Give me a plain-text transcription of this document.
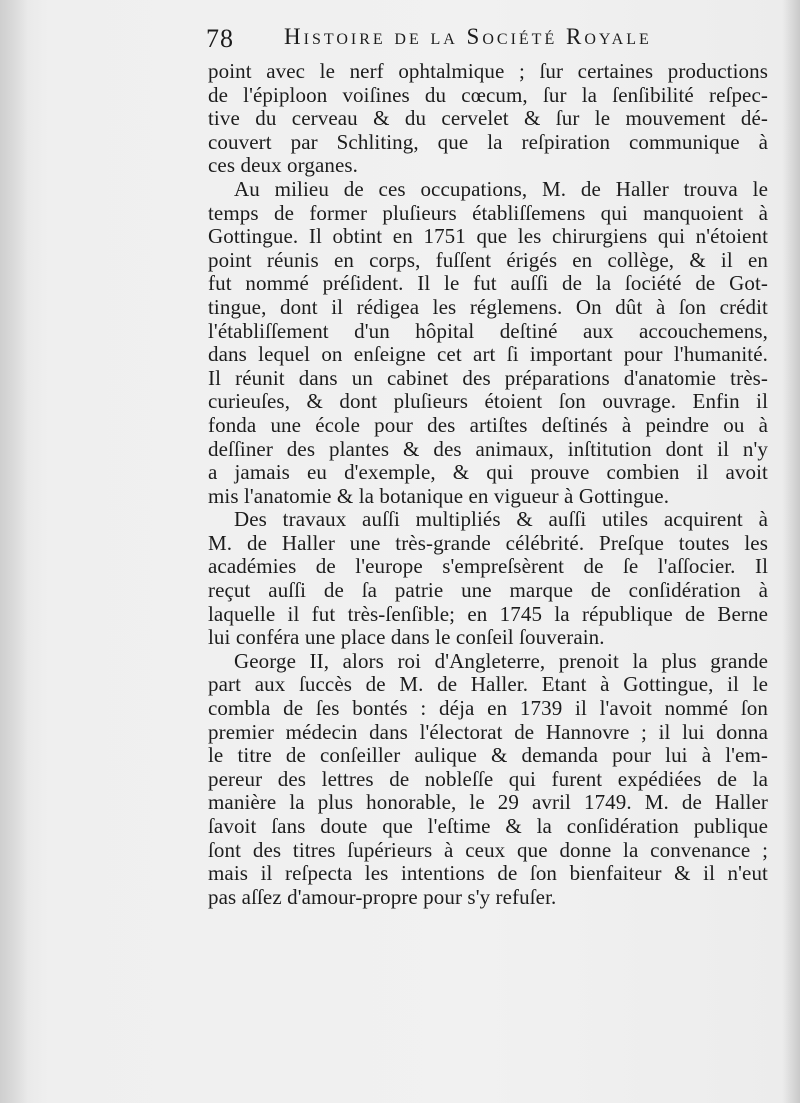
78 Histoire de la Société Royale
point avec le nerf ophtalmique ; ſur certaines productions
de l'épiploon voiſines du cœcum, ſur la ſenſibilité reſpec-
tive du cerveau & du cervelet & ſur le mouvement dé-
couvert par Schliting, que la reſpiration communique à
ces deux organes.
Au milieu de ces occupations, M. de Haller trouva le
temps de former pluſieurs établiſſemens qui manquoient à
Gottingue. Il obtint en 1751 que les chirurgiens qui n'étoient
point réunis en corps, fuſſent érigés en collège, & il en
fut nommé préſident. Il le fut auſſi de la ſociété de Got-
tingue, dont il rédigea les réglemens. On dût à ſon crédit
l'établiſſement d'un hôpital deſtiné aux accouchemens,
dans lequel on enſeigne cet art ſi important pour l'humanité.
Il réunit dans un cabinet des préparations d'anatomie très-
curieuſes, & dont pluſieurs étoient ſon ouvrage. Enfin il
fonda une école pour des artiſtes deſtinés à peindre ou à
deſſiner des plantes & des animaux, inſtitution dont il n'y
a jamais eu d'exemple, & qui prouve combien il avoit
mis l'anatomie & la botanique en vigueur à Gottingue.
Des travaux auſſi multipliés & auſſi utiles acquirent à
M. de Haller une très-grande célébrité. Preſque toutes les
académies de l'europe s'empreſsèrent de ſe l'aſſocier. Il
reçut auſſi de ſa patrie une marque de conſidération à
laquelle il fut très-ſenſible; en 1745 la république de Berne
lui conféra une place dans le conſeil ſouverain.
George II, alors roi d'Angleterre, prenoit la plus grande
part aux ſuccès de M. de Haller. Etant à Gottingue, il le
combla de ſes bontés : déja en 1739 il l'avoit nommé ſon
premier médecin dans l'électorat de Hannovre ; il lui donna
le titre de conſeiller aulique & demanda pour lui à l'em-
pereur des lettres de nobleſſe qui furent expédiées de la
manière la plus honorable, le 29 avril 1749. M. de Haller
ſavoit ſans doute que l'eſtime & la conſidération publique
ſont des titres ſupérieurs à ceux que donne la convenance ;
mais il reſpecta les intentions de ſon bienfaiteur & il n'eut
pas aſſez d'amour-propre pour s'y refuſer.
